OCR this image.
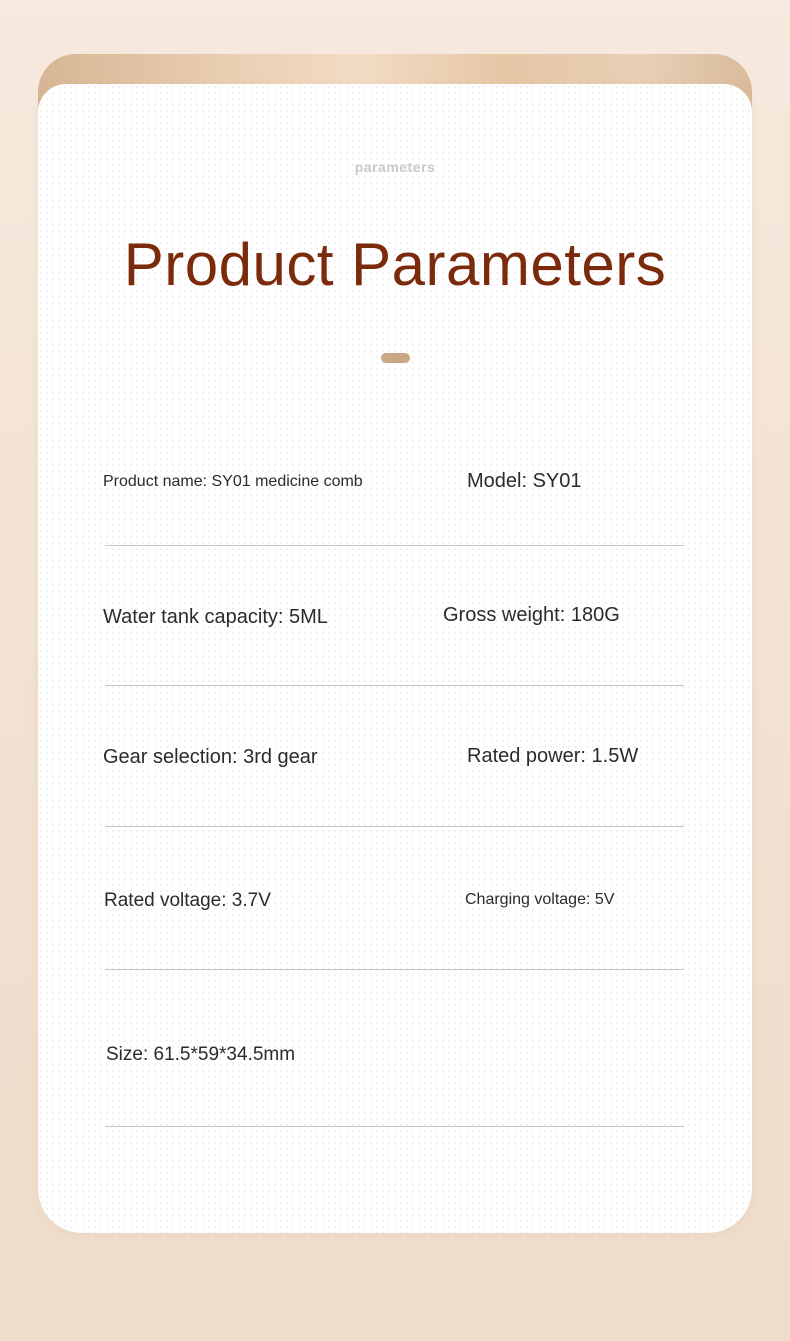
parameters
Product Parameters
Product name: SY01 medicine comb	Model: SY01
Water tank capacity: 5ML	Gross weight: 180G
Gear selection: 3rd gear	Rated power: 1.5W
Rated voltage: 3.7V	Charging voltage: 5V
Size: 61.5*59*34.5mm
